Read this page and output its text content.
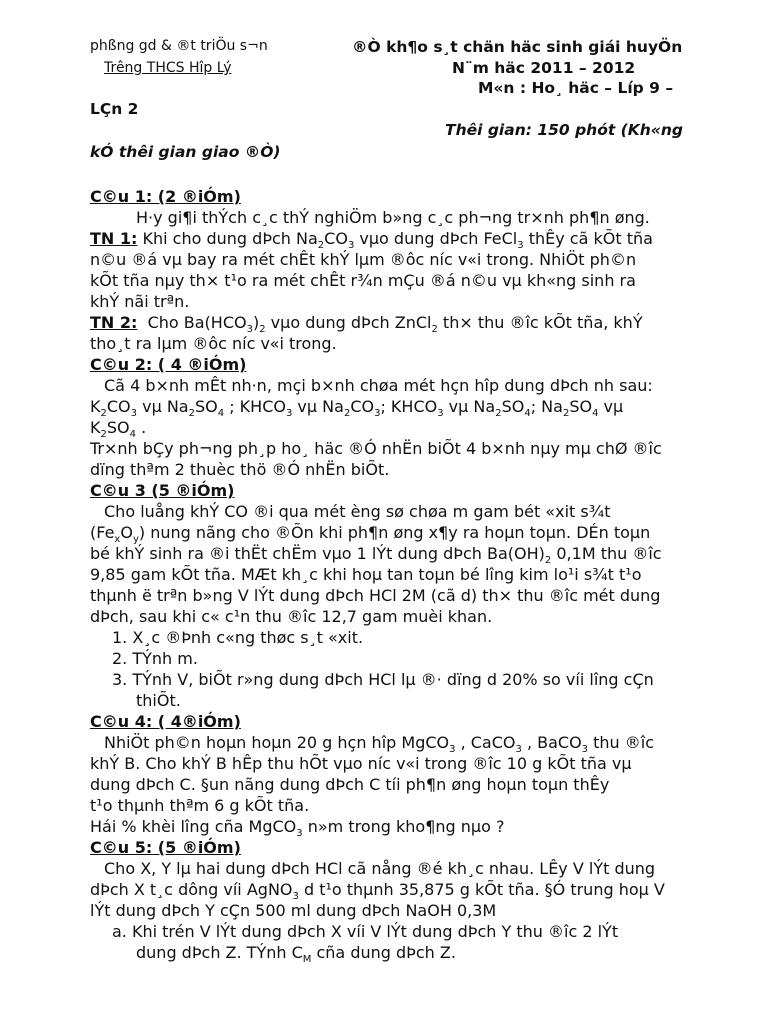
phßng gd & ®t triÖu s¬n
Trêng THCS Hîp Lý
®Ò kh¶o s¸t chän häc sinh giái huyÖn
N¨m häc 2011 – 2012
M«n : Ho¸ häc – Líp 9 –
LÇn 2
Thêi gian: 150 phót (Kh«ng
kÓ thêi gian giao ®Ò)
C©u 1: (2 ®iÓm)
H·y gi¶i thÝch c¸c thÝ nghiÖm b»ng c¸c ph¬ng tr×nh ph¶n øng.
TN 1: Khi cho dung dÞch $Na_2CO_3$ vµo dung dÞch FeCl$_3$ thÊy cã kÕt tña
n©u ®á vµ bay ra mét chÊt khÝ lµm ®ôc níc v«i trong. NhiÖt ph©n
kÕt tña nµy th× t¹o ra mét chÊt r¾n mÇu ®á n©u vµ kh«ng sinh ra
khÝ nãi trªn.
TN 2: Cho $Ba(HCO_3)_2$ vµo dung dÞch ZnCl$_2$ th× thu ®îc kÕt tña, khÝ
tho¸t ra lµm ®ôc níc v«i trong.
C©u 2: ( 4 ®iÓm)
Cã 4 b×nh mÊt nh·n, mçi b×nh chøa mét hçn hîp dung dÞch nh sau:
$K_2CO_3$ vµ $Na_2SO_4$ ; $KHCO_3$ vµ $Na_2CO_3$; $KHCO_3$ vµ $Na_2SO_4$; $Na_2SO_4$ vµ
$K_2SO_4$ .
Tr×nh bÇy ph¬ng ph¸p ho¸ häc ®Ó nhËn biÕt 4 b×nh nµy mµ chØ ®îc
dïng thªm 2 thuèc thö ®Ó nhËn biÕt.
C©u 3 (5 ®iÓm)
Cho luång khÝ CO ®i qua mét èng sø chøa m gam bét «xit s¾t
$(Fe_xO_y)$ nung nãng cho ®Õn khi ph¶n øng x¶y ra hoµn toµn. DÉn toµn
bé khÝ sinh ra ®i thËt chËm vµo 1 lÝt dung dÞch $Ba(OH)_2$ 0,1M thu ®îc
9,85 gam kÕt tña. MÆt kh¸c khi hoµ tan toµn bé lîng kim lo¹i s¾t t¹o
thµnh ë trªn b»ng V lÝt dung dÞch HCl 2M (cã d) th× thu ®îc mét dung
dÞch, sau khi c« c¹n thu ®îc 12,7 gam muèi khan.
1. X¸c ®Þnh c«ng thøc s¸t «xit.
2. TÝnh m.
3. TÝnh V, biÕt r»ng dung dÞch HCl lµ ®· dïng d 20% so víi lîng cÇn
thiÕt.
C©u 4: ( 4®iÓm)
NhiÖt ph©n hoµn hoµn 20 g hçn hîp MgCO$_3$ , CaCO$_3$ , BaCO$_3$ thu ®îc
khÝ B. Cho khÝ B hÊp thu hÕt vµo níc v«i trong ®îc 10 g kÕt tña vµ
dung dÞch C. §un nãng dung dÞch C tíi ph¶n øng hoµn toµn thÊy
t¹o thµnh thªm 6 g kÕt tña.
Hái % khèi lîng cña MgCO$_3$ n»m trong kho¶ng nµo ?
C©u 5: (5 ®iÓm)
Cho X, Y lµ hai dung dÞch HCl cã nång ®é kh¸c nhau. LÊy V lÝt dung
dÞch X t¸c dông víi AgNO$_3$ d t¹o thµnh 35,875 g kÕt tña. §Ó trung hoµ V
lÝt dung dÞch Y cÇn 500 ml dung dÞch NaOH 0,3M
a. Khi trén V lÝt dung dÞch X víi V lÝt dung dÞch Y thu ®îc 2 lÝt
dung dÞch Z. TÝnh $C_M$ cña dung dÞch Z.
